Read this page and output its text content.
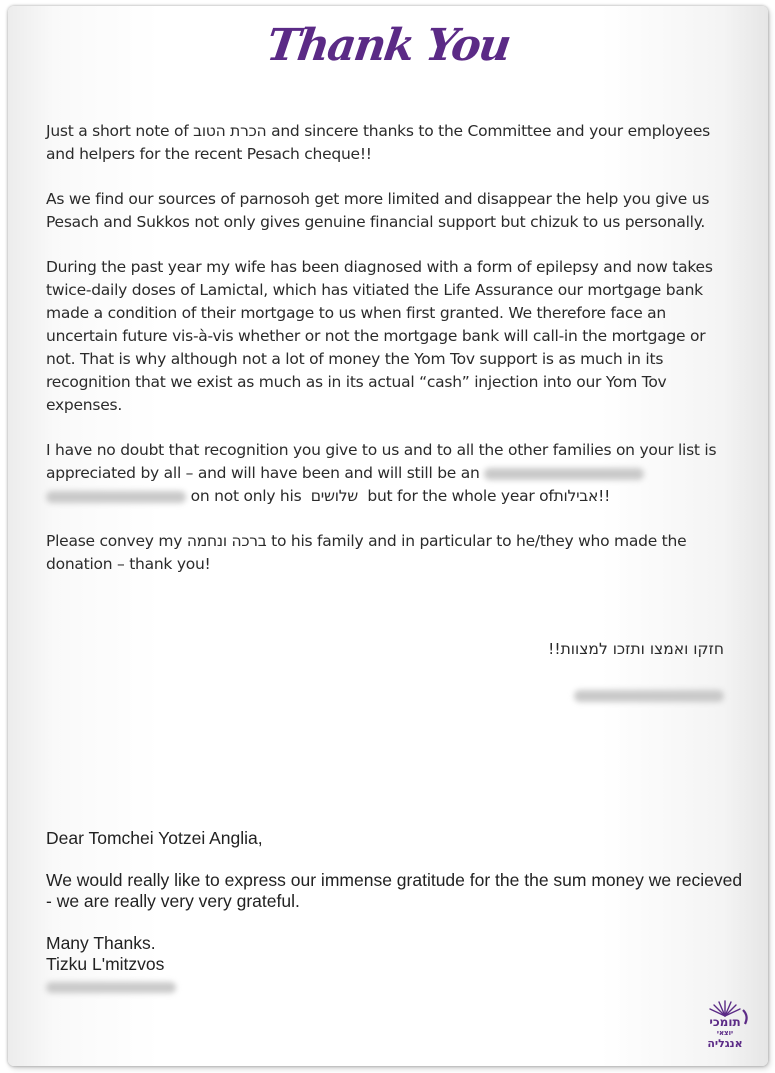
Thank You

Just a short note of הכרת הטוב and sincere thanks to the Committee and your employees and helpers for the recent Pesach cheque!!

As we find our sources of parnosoh get more limited and disappear the help you give us Pesach and Sukkos not only gives genuine financial support but chizuk to us personally.

During the past year my wife has been diagnosed with a form of epilepsy and now takes twice-daily doses of Lamictal, which has vitiated the Life Assurance our mortgage bank made a condition of their mortgage to us when first granted. We therefore face an uncertain future vis-à-vis whether or not the mortgage bank will call-in the mortgage or not. That is why although not a lot of money the Yom Tov support is as much in its recognition that we exist as much as in its actual “cash” injection into our Yom Tov expenses.

I have no doubt that recognition you give to us and to all the other families on your list is appreciated by all – and will have been and will still be an
on not only his  שלושים  but for the whole year ofאבילות!!

Please convey my ברכה ונחמה to his family and in particular to he/they who made the donation – thank you!

חזקו ואמצו ותזכו למצוות!!

Dear Tomchei Yotzei Anglia,

We would really like to express our immense gratitude for the the sum money we recieved - we are really very very grateful.

Many Thanks.
Tizku L'mitzvos
תומכי
יוצאי
אנגליה
